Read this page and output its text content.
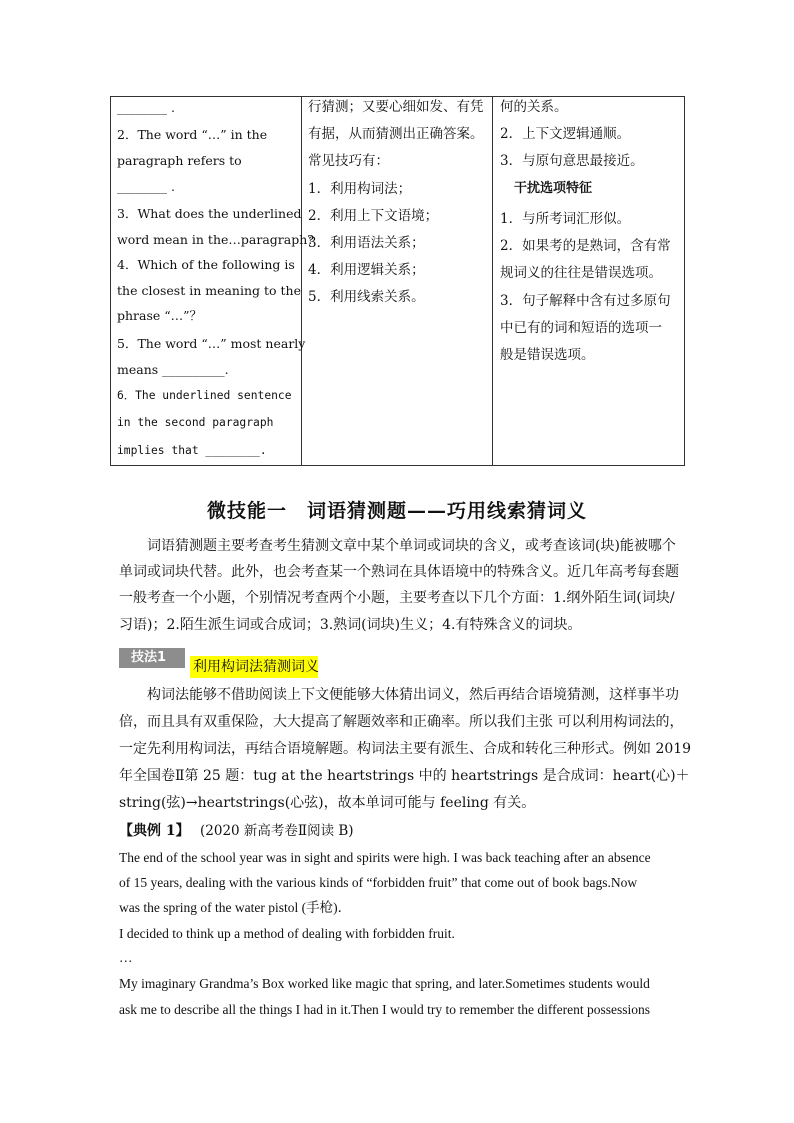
________ .
2．The word “…” in the
paragraph refers to
________ .
3．What does the underlined
word mean in the…paragraph?
4．Which of the following is
the closest in meaning to the
phrase “…”？
5．The word “…” most nearly
means __________.
6．The underlined sentence
in the second paragraph
implies that ________.
行猜测；又要心细如发、有凭
有据，从而猜测出正确答案。
常见技巧有：
1．利用构词法；
2．利用上下文语境；
3．利用语法关系；
4．利用逻辑关系；
5．利用线索关系。
何的关系。
2．上下文逻辑通顺。
3．与原句意思最接近。
干扰选项特征
1．与所考词汇形似。
2．如果考的是熟词，含有常
规词义的往往是错误选项。
3．句子解释中含有过多原句
中已有的词和短语的选项一
般是错误选项。
微技能一　词语猜测题——巧用线索猜词义
词语猜测题主要考查考生猜测文章中某个单词或词块的含义，或考查该词(块)能被哪个
单词或词块代替。此外，也会考查某一个熟词在具体语境中的特殊含义。近几年高考每套题
一般考查一个小题，个别情况考查两个小题，主要考查以下几个方面：1.纲外陌生词(词块/
习语)；2.陌生派生词或合成词；3.熟词(词块)生义；4.有特殊含义的词块。
技法1
利用构词法猜测词义
构词法能够不借助阅读上下文便能够大体猜出词义，然后再结合语境猜测，这样事半功
倍，而且具有双重保险，大大提高了解题效率和正确率。所以我们主张 可以利用构词法的，
一定先利用构词法，再结合语境解题。构词法主要有派生、合成和转化三种形式。例如 2019
年全国卷Ⅱ第 25 题：tug at the heartstrings 中的 heartstrings 是合成词：heart(心)＋
string(弦)→heartstrings(心弦)，故本单词可能与 feeling 有关。
【典例 1】 (2020 新高考卷Ⅱ阅读 B)
The end of the school year was in sight and spirits were high. I was back teaching after an absence
of 15 years, dealing with the various kinds of “forbidden fruit” that come out of book bags.Now
was the spring of the water pistol (手枪)．
I decided to think up a method of dealing with forbidden fruit.
…
My imaginary Grandma’s Box worked like magic that spring, and later.Sometimes students would
ask me to describe all the things I had in it.Then I would try to remember the different possessions
